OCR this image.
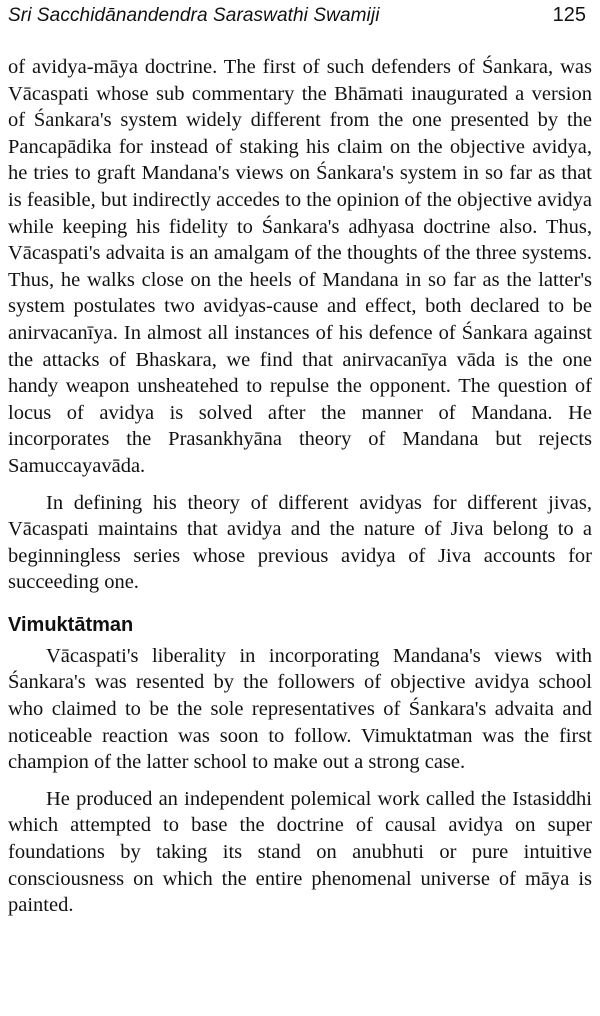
Sri Sacchidānandendra Saraswathi Swamiji	125

of avidya-māya doctrine. The first of such defenders of Śankara, was Vācaspati whose sub commentary the Bhāmati inaugurated a version of Śankara's system widely different from the one presented by the Pancapādika for instead of staking his claim on the objective avidya, he tries to graft Mandana's views on Śankara's system in so far as that is feasible, but indirectly accedes to the opinion of the objective avidya while keeping his fidelity to Śankara's adhyasa doctrine also. Thus, Vācaspati's advaita is an amalgam of the thoughts of the three systems. Thus, he walks close on the heels of Mandana in so far as the latter's system postulates two avidyas-cause and effect, both declared to be anirvacanīya. In almost all instances of his defence of Śankara against the attacks of Bhaskara, we find that anirvacanīya vāda is the one handy weapon unsheatehed to repulse the opponent. The question of locus of avidya is solved after the manner of Mandana. He incorporates the Prasankhyāna theory of Mandana but rejects Samuccayavāda.

In defining his theory of different avidyas for different jivas, Vācaspati maintains that avidya and the nature of Jiva belong to a beginningless series whose previous avidya of Jiva accounts for succeeding one.

Vimuktātman

Vācaspati's liberality in incorporating Mandana's views with Śankara's was resented by the followers of objective avidya school who claimed to be the sole representatives of Śankara's advaita and noticeable reaction was soon to follow. Vimuktatman was the first champion of the latter school to make out a strong case.

He produced an independent polemical work called the Istasiddhi which attempted to base the doctrine of causal avidya on super foundations by taking its stand on anubhuti or pure intuitive consciousness on which the entire phenomenal universe of māya is painted.
